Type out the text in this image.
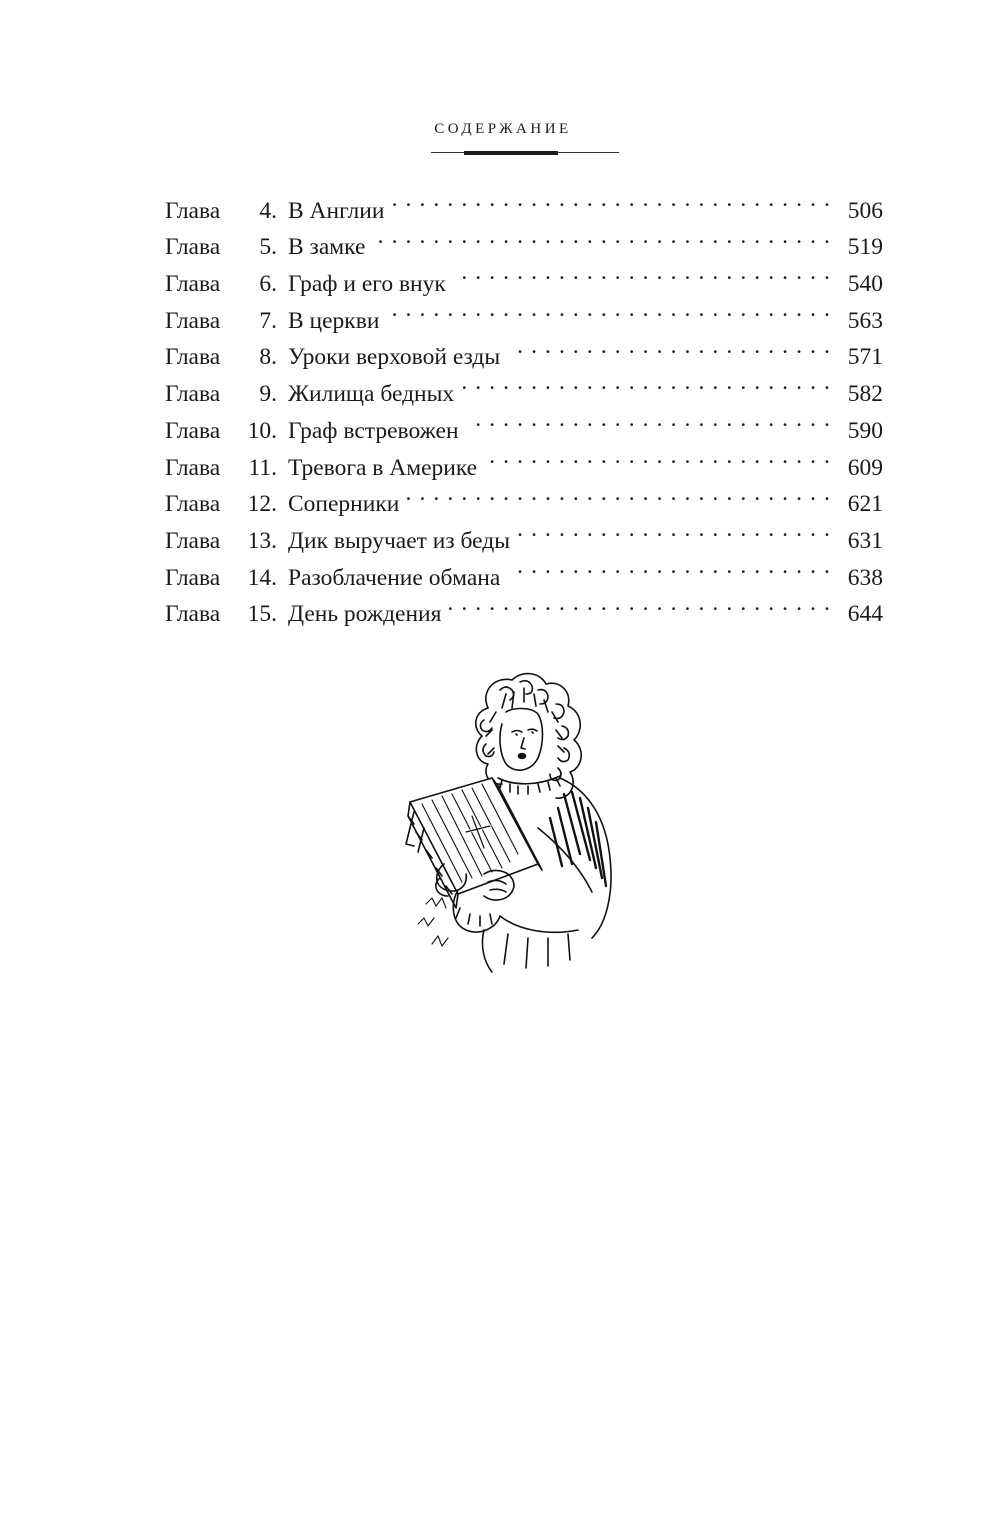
СОДЕРЖАНИЕ
Глава	4. В Англии . . .	506
Глава	5. В замке . . .	519
Глава	6. Граф и его внук . . .	540
Глава	7. В церкви . . .	563
Глава	8. Уроки верховой езды . . .	571
Глава	9. Жилища бедных . . .	582
Глава	10. Граф встревожен . . .	590
Глава	11. Тревога в Америке . . .	609
Глава	12. Соперники . . .	621
Глава	13. Дик выручает из беды . . .	631
Глава	14. Разоблачение обмана . . .	638
Глава	15. День рождения . . .	644
